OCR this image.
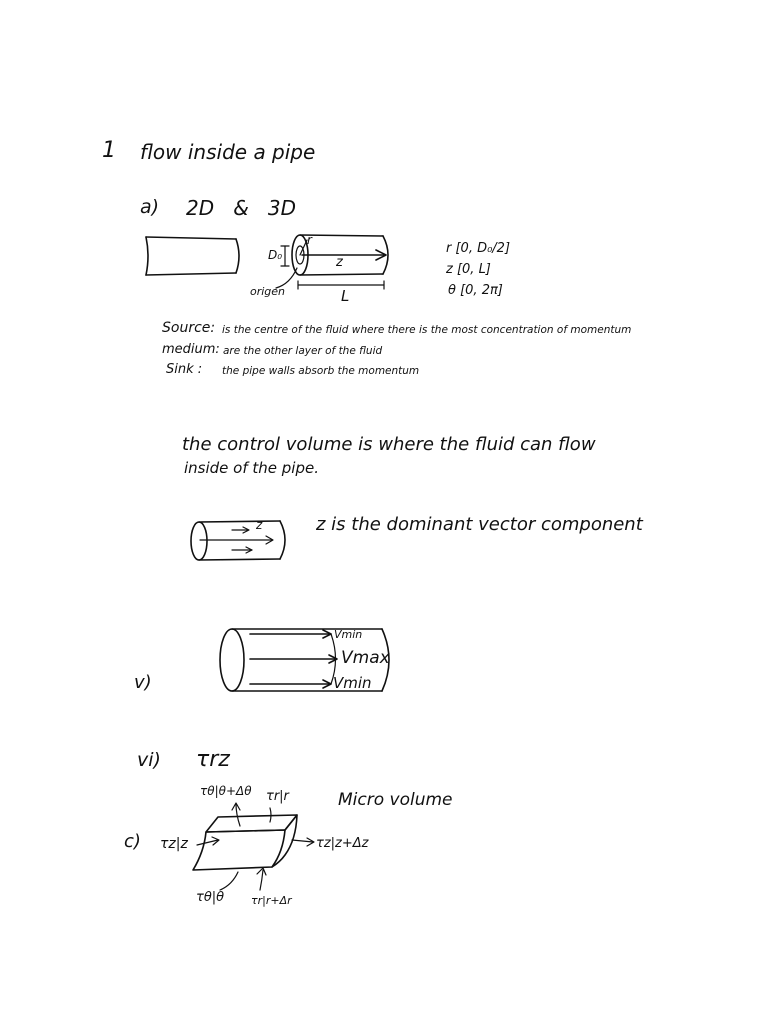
1 flow inside a pipe
a) 2D   &   3D
D₀
r
z
origen	L
r [0, D₀/2]
z [0, L]
θ [0, 2π]
Source: is the centre of the fluid where there is the most concentration of momentum
medium: are the other layer of the fluid
Sink : the pipe walls absorb the momentum
the control volume is where the fluid can flow
inside of the pipe.
z	z is the dominant vector component
v)
Vmin
Vmax
Vmin
vi) τrz
Micro volume
c)
τθ|θ+Δθ τr|r
τz|z	τz|z+Δz
τθ|θ τr|r+Δr
